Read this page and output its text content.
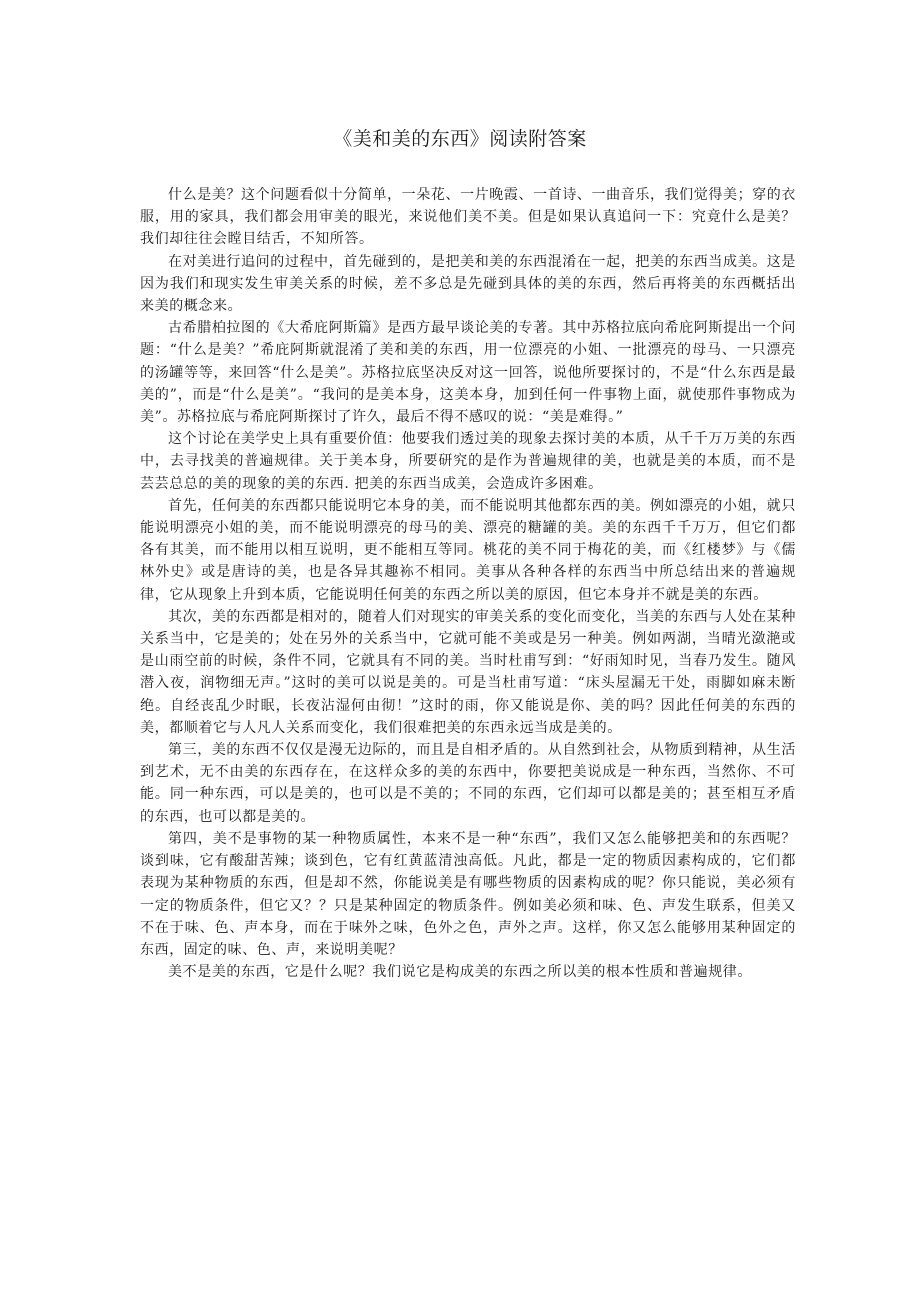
《美和美的东西》阅读附答案

什么是美？这个问题看似十分简单，一朵花、一片晚霞、一首诗、一曲音乐，我们觉得美；穿的衣服，用的家具，我们都会用审美的眼光，来说他们美不美。但是如果认真追问一下：究竟什么是美？我们却往往会瞠目结舌，不知所答。

在对美进行追问的过程中，首先碰到的，是把美和美的东西混淆在一起，把美的东西当成美。这是因为我们和现实发生审美关系的时候，差不多总是先碰到具体的美的东西，然后再将美的东西概括出来美的概念来。

古希腊柏拉图的《大希庇阿斯篇》是西方最早谈论美的专著。其中苏格拉底向希庇阿斯提出一个问题：“什么是美？”希庇阿斯就混淆了美和美的东西，用一位漂亮的小姐、一批漂亮的母马、一只漂亮的汤罐等等，来回答“什么是美”。苏格拉底坚决反对这一回答，说他所要探讨的，不是“什么东西是最美的”，而是“什么是美”。“我问的是美本身，这美本身，加到任何一件事物上面，就使那件事物成为美”。苏格拉底与希庇阿斯探讨了许久，最后不得不感叹的说：“美是难得。”

这个讨论在美学史上具有重要价值：他要我们透过美的现象去探讨美的本质，从千千万万美的东西中，去寻找美的普遍规律。关于美本身，所要研究的是作为普遍规律的美，也就是美的本质，而不是芸芸总总的美的现象的美的东西. 把美的东西当成美，会造成许多困难。

首先，任何美的东西都只能说明它本身的美，而不能说明其他都东西的美。例如漂亮的小姐，就只能说明漂亮小姐的美，而不能说明漂亮的母马的美、漂亮的糖罐的美。美的东西千千万万，但它们都各有其美，而不能用以相互说明，更不能相互等同。桃花的美不同于梅花的美，而《红楼梦》与《儒林外史》或是唐诗的美，也是各异其趣袮不相同。美事从各种各样的东西当中所总结出来的普遍规律，它从现象上升到本质，它能说明任何美的东西之所以美的原因，但它本身并不就是美的东西。

其次，美的东西都是相对的，随着人们对现实的审美关系的变化而变化，当美的东西与人处在某种关系当中，它是美的；处在另外的关系当中，它就可能不美或是另一种美。例如两湖，当晴光潋滟或是山雨空前的时候，条件不同，它就具有不同的美。当时杜甫写到：“好雨知时见，当春乃发生。随风潜入夜，润物细无声。”这时的美可以说是美的。可是当杜甫写道：“床头屋漏无干处，雨脚如麻未断绝。自经丧乱少时眠，长夜沾湿何由彻！”这时的雨，你又能说是你、美的吗？因此任何美的东西的美，都顺着它与人凡人关系而变化，我们很难把美的东西永远当成是美的。

第三，美的东西不仅仅是漫无边际的，而且是自相矛盾的。从自然到社会，从物质到精神，从生活到艺术，无不由美的东西存在，在这样众多的美的东西中，你要把美说成是一种东西，当然你、不可能。同一种东西，可以是美的，也可以是不美的；不同的东西，它们却可以都是美的；甚至相互矛盾的东西，也可以都是美的。

第四，美不是事物的某一种物质属性，本来不是一种“东西”，我们又怎么能够把美和的东西呢？谈到味，它有酸甜苦辣；谈到色，它有红黄蓝清浊高低。凡此，都是一定的物质因素构成的，它们都表现为某种物质的东西，但是却不然，你能说美是有哪些物质的因素构成的呢？你只能说，美必须有一定的物质条件，但它又？？只是某种固定的物质条件。例如美必须和味、色、声发生联系，但美又不在于味、色、声本身，而在于味外之味，色外之色，声外之声。这样，你又怎么能够用某种固定的东西，固定的味、色、声，来说明美呢？

美不是美的东西，它是什么呢？我们说它是构成美的东西之所以美的根本性质和普遍规律。
